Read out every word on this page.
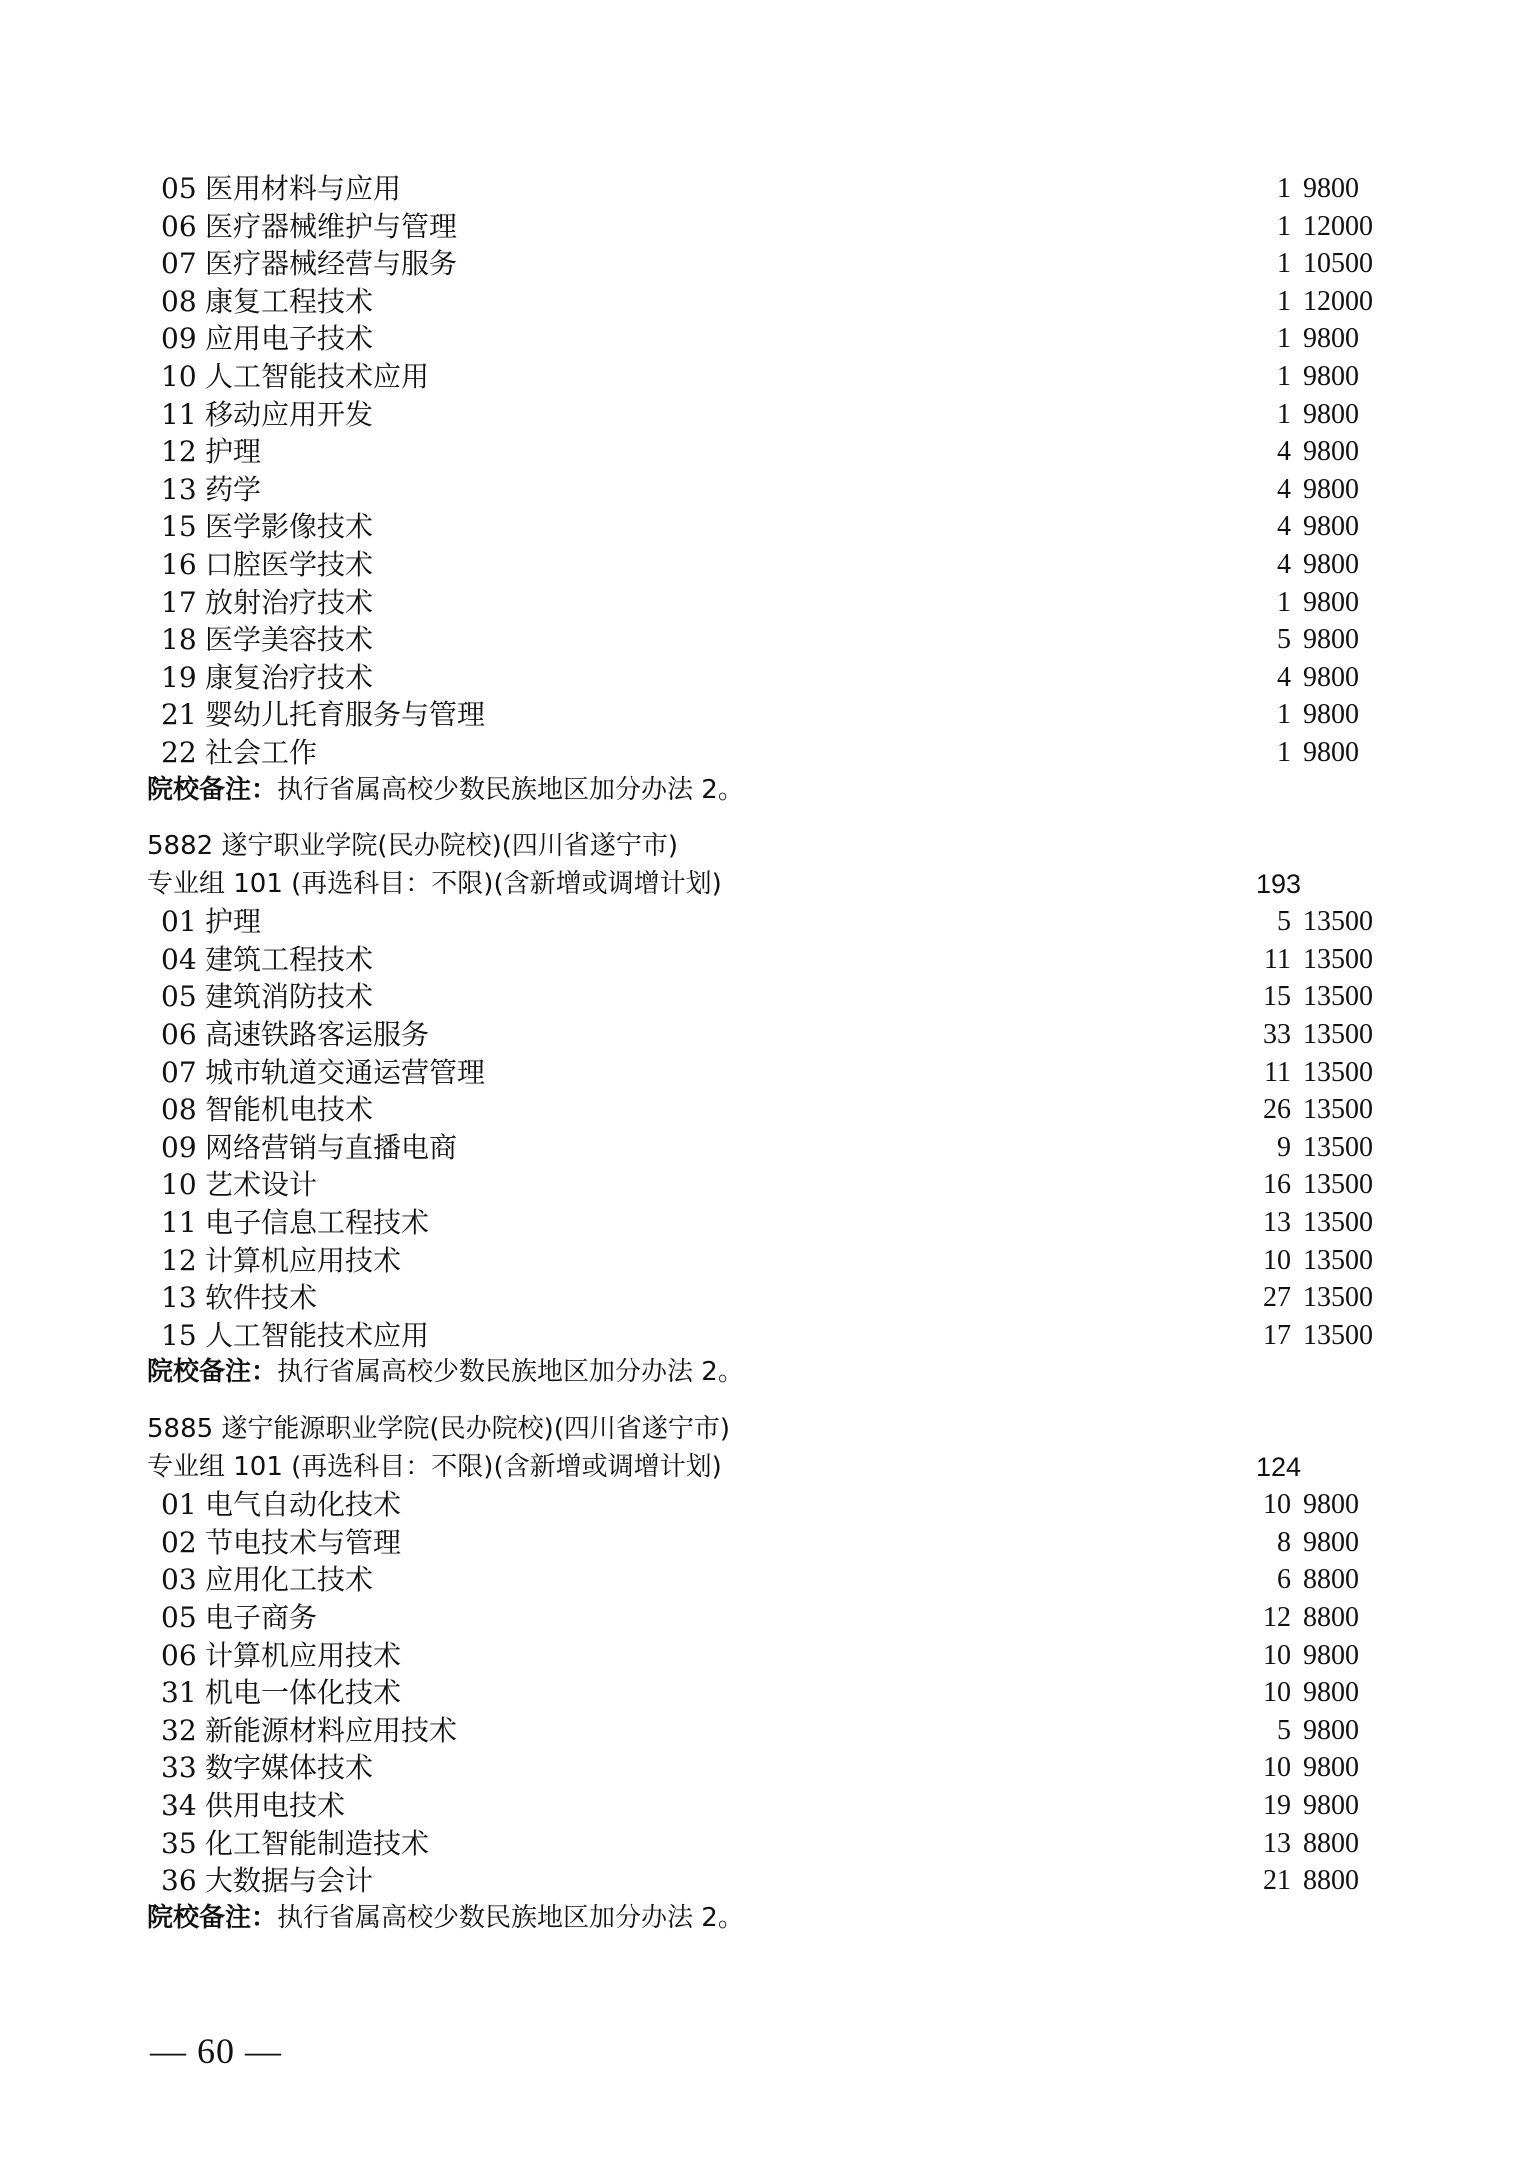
05 医用材料与应用	1 9800
06 医疗器械维护与管理	1 12000
07 医疗器械经营与服务	1 10500
08 康复工程技术	1 12000
09 应用电子技术	1 9800
10 人工智能技术应用	1 9800
11 移动应用开发	1 9800
12 护理	4 9800
13 药学	4 9800
15 医学影像技术	4 9800
16 口腔医学技术	4 9800
17 放射治疗技术	1 9800
18 医学美容技术	5 9800
19 康复治疗技术	4 9800
21 婴幼儿托育服务与管理	1 9800
22 社会工作	1 9800
院校备注：执行省属高校少数民族地区加分办法 2。
5882 遂宁职业学院(民办院校)(四川省遂宁市)
专业组 101 (再选科目：不限)(含新增或调增计划)	193
01 护理	5 13500
04 建筑工程技术	11 13500
05 建筑消防技术	15 13500
06 高速铁路客运服务	33 13500
07 城市轨道交通运营管理	11 13500
08 智能机电技术	26 13500
09 网络营销与直播电商	9 13500
10 艺术设计	16 13500
11 电子信息工程技术	13 13500
12 计算机应用技术	10 13500
13 软件技术	27 13500
15 人工智能技术应用	17 13500
院校备注：执行省属高校少数民族地区加分办法 2。
5885 遂宁能源职业学院(民办院校)(四川省遂宁市)
专业组 101 (再选科目：不限)(含新增或调增计划)	124
01 电气自动化技术	10 9800
02 节电技术与管理	8 9800
03 应用化工技术	6 8800
05 电子商务	12 8800
06 计算机应用技术	10 9800
31 机电一体化技术	10 9800
32 新能源材料应用技术	5 9800
33 数字媒体技术	10 9800
34 供用电技术	19 9800
35 化工智能制造技术	13 8800
36 大数据与会计	21 8800
院校备注：执行省属高校少数民族地区加分办法 2。
— 60 —
